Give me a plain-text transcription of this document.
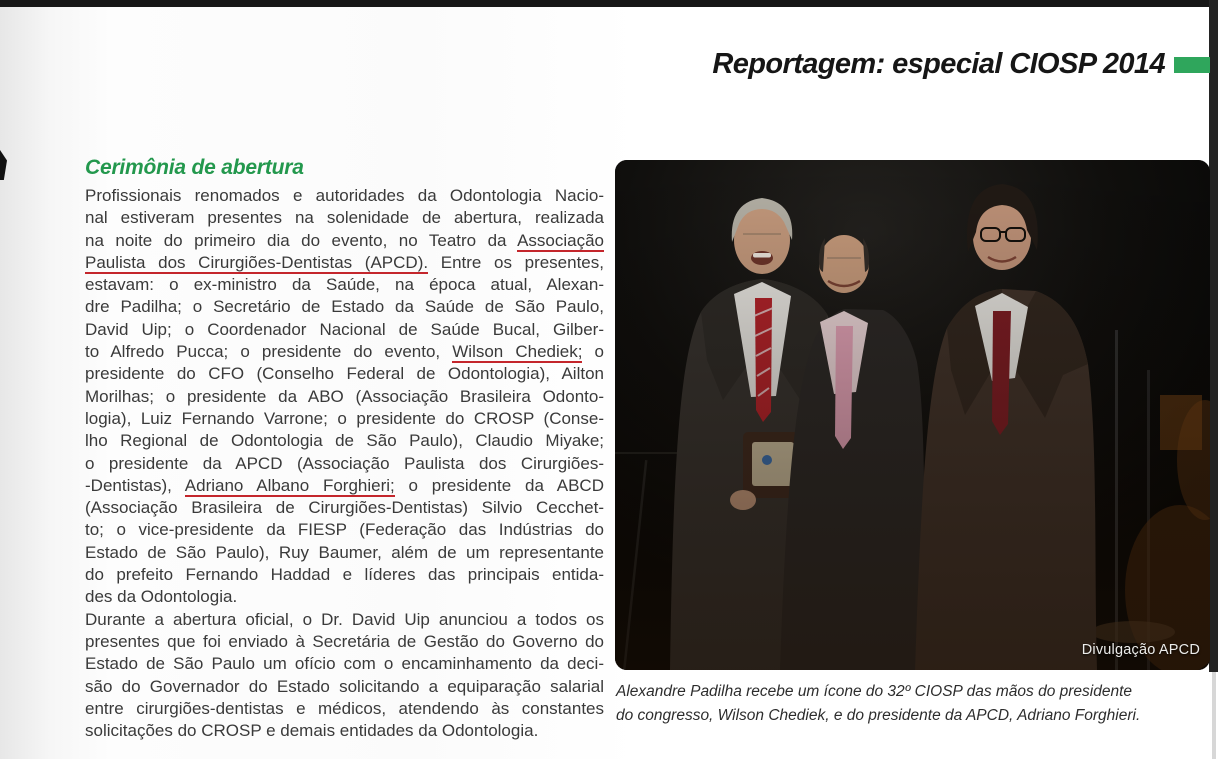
Reportagem: especial CIOSP 2014
Cerimônia de abertura
Profissionais renomados e autoridades da Odontologia Nacio-
nal estiveram presentes na solenidade de abertura, realizada
na noite do primeiro dia do evento, no Teatro da Associação
Paulista dos Cirurgiões-Dentistas (APCD). Entre os presentes,
estavam: o ex-ministro da Saúde, na época atual, Alexan-
dre Padilha; o Secretário de Estado da Saúde de São Paulo,
David Uip; o Coordenador Nacional de Saúde Bucal, Gilber-
to Alfredo Pucca; o presidente do evento, Wilson Chediek; o
presidente do CFO (Conselho Federal de Odontologia), Ailton
Morilhas; o presidente da ABO (Associação Brasileira Odonto-
logia), Luiz Fernando Varrone; o presidente do CROSP (Conse-
lho Regional de Odontologia de São Paulo), Claudio Miyake;
o presidente da APCD (Associação Paulista dos Cirurgiões-
-Dentistas), Adriano Albano Forghieri; o presidente da ABCD
(Associação Brasileira de Cirurgiões-Dentistas) Silvio Cecchet-
to; o vice-presidente da FIESP (Federação das Indústrias do
Estado de São Paulo), Ruy Baumer, além de um representante
do prefeito Fernando Haddad e líderes das principais entida-
des da Odontologia.
Durante a abertura oficial, o Dr. David Uip anunciou a todos os
presentes que foi enviado à Secretária de Gestão do Governo do
Estado de São Paulo um ofício com o encaminhamento da deci-
são do Governador do Estado solicitando a equiparação salarial
entre cirurgiões-dentistas e médicos, atendendo às constantes
solicitações do CROSP e demais entidades da Odontologia.
Divulgação APCD
Alexandre Padilha recebe um ícone do 32º CIOSP das mãos do presidente
do congresso, Wilson Chediek, e do presidente da APCD, Adriano Forghieri.
